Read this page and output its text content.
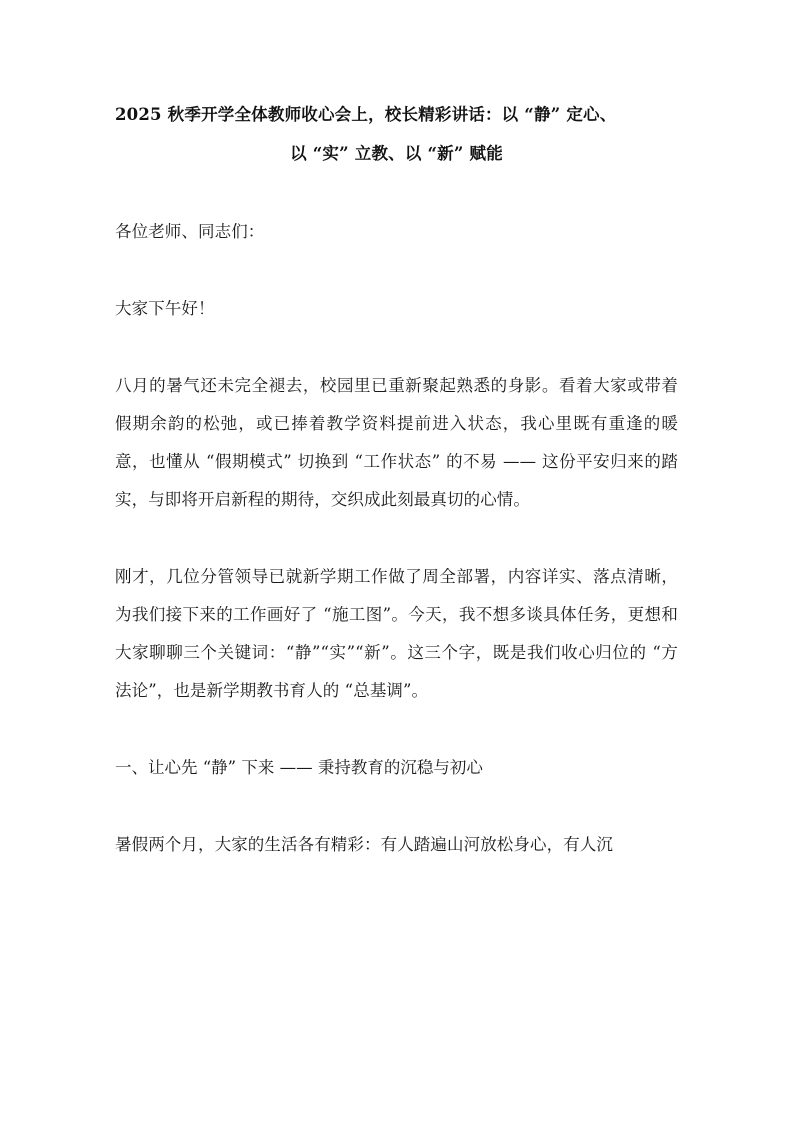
2025 秋季开学全体教师收心会上，校长精彩讲话：以 “静” 定心、
以 “实” 立教、以 “新” 赋能

各位老师、同志们：

大家下午好！

八月的暑气还未完全褪去，校园里已重新聚起熟悉的身影。看着大家或带着假期余韵的松弛，或已捧着教学资料提前进入状态，我心里既有重逢的暖意，也懂从 “假期模式” 切换到 “工作状态” 的不易 —— 这份平安归来的踏实，与即将开启新程的期待，交织成此刻最真切的心情。

刚才，几位分管领导已就新学期工作做了周全部署，内容详实、落点清晰，为我们接下来的工作画好了 “施工图”。今天，我不想多谈具体任务，更想和大家聊聊三个关键词：“静”“实”“新”。这三个字，既是我们收心归位的 “方法论”，也是新学期教书育人的 “总基调”。

一、让心先 “静” 下来 —— 秉持教育的沉稳与初心

暑假两个月，大家的生活各有精彩：有人踏遍山河放松身心，有人沉
